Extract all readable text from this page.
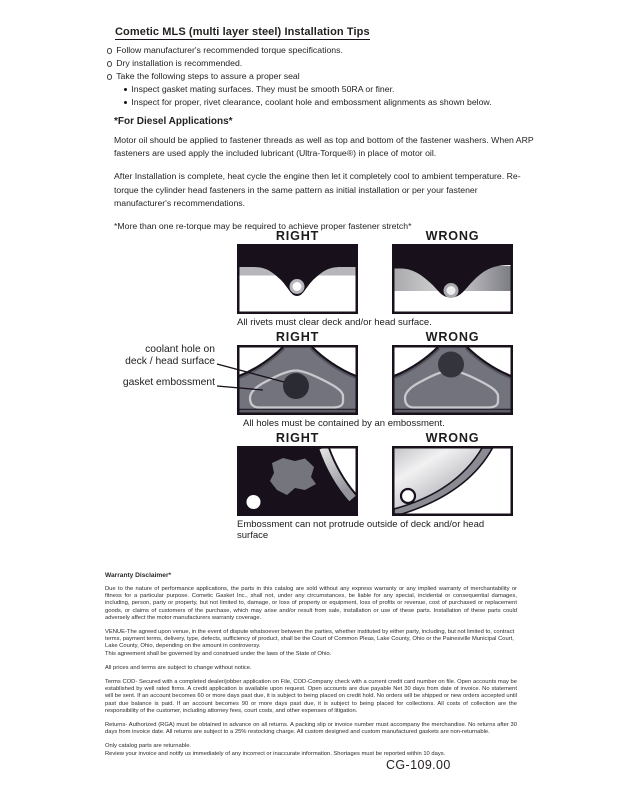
Cometic MLS (multi layer steel) Installation Tips
Follow manufacturer's recommended torque specifications.
Dry installation is recommended.
Take the following steps to assure a proper seal
Inspect gasket mating surfaces. They must be smooth 50RA or finer.
Inspect for proper, rivet clearance, coolant hole and embossment alignments as shown below.
*For Diesel Applications*

Motor oil should be applied to fastener threads as well as top and bottom of the fastener washers. When ARP fasteners are used apply the included lubricant (Ultra-Torque®) in place of motor oil.

After Installation is complete, heat cycle the engine then let it completely cool to ambient temperature. Re-torque the cylinder head fasteners in the same pattern as initial installation or per your fastener manufacturer's recommendations.

*More than one re-torque may be required to achieve proper fastener stretch*

RIGHT	WRONG
All rivets must clear deck and/or head surface.
RIGHT	WRONG
All holes must be contained by an embossment.
coolant hole on
deck / head surface
gasket embossment
RIGHT	WRONG
Embossment can not protrude outside of deck and/or head surface
Warranty Disclaimer*

Due to the nature of performance applications, the parts in this catalog are sold without any express warranty or any implied warranty of merchantability or fitness for a particular purpose. Cometic Gasket Inc., shall not, under any circumstances, be liable for any special, incidental or consequential damages, including, person, party or property, but not limited to, damage, or loss of property or equipment, loss of profits or revenue, cost of purchased or replacement goods, or claims of customers of the purchase, which may arise and/or result from sale, installation or use of these parts. Installation of these parts could adversely affect the motor manufacturers warranty coverage.

VENUE-The agreed upon venue, in the event of dispute whatsoever between the parties, whether instituted by either party, including, but not limited to, contract terms, payment terms, delivery, type, defects, sufficiency of product, shall be the Court of Common Pleas, Lake County, Ohio or the Painesville Municipal Court, Lake County, Ohio, depending on the amount in controversy.

This agreement shall be governed by and construed under the laws of the State of Ohio.

All prices and terms are subject to change without notice.

Terms COD- Secured with a completed dealer/jobber application on File, COD-Company check with a current credit card number on file. Open accounts may be established by well rated firms. A credit application is available upon request. Open accounts are due payable Net 30 days from date of invoice. No statement will be sent. If an account becomes 60 or more days past due, it is subject to being placed on credit hold. No orders will be shipped or new orders accepted until past due balance is paid. If an account becomes 90 or more days past due, it is subject to being placed for collections. All costs of collection are the responsibility of the customer, including attorney fees, court costs, and other expenses of litigation.

Returns- Authorized (RGA) must be obtained in advance on all returns. A packing slip or invoice number must accompany the merchandise. No returns after 30 days from invoice date. All returns are subject to a 25% restocking charge. All custom designed and custom manufactured gaskets are non-returnable.

Only catalog parts are returnable.

Review your invoice and notify us immediately of any incorrect or inaccurate information. Shortages must be reported within 10 days.

CG-109.00
